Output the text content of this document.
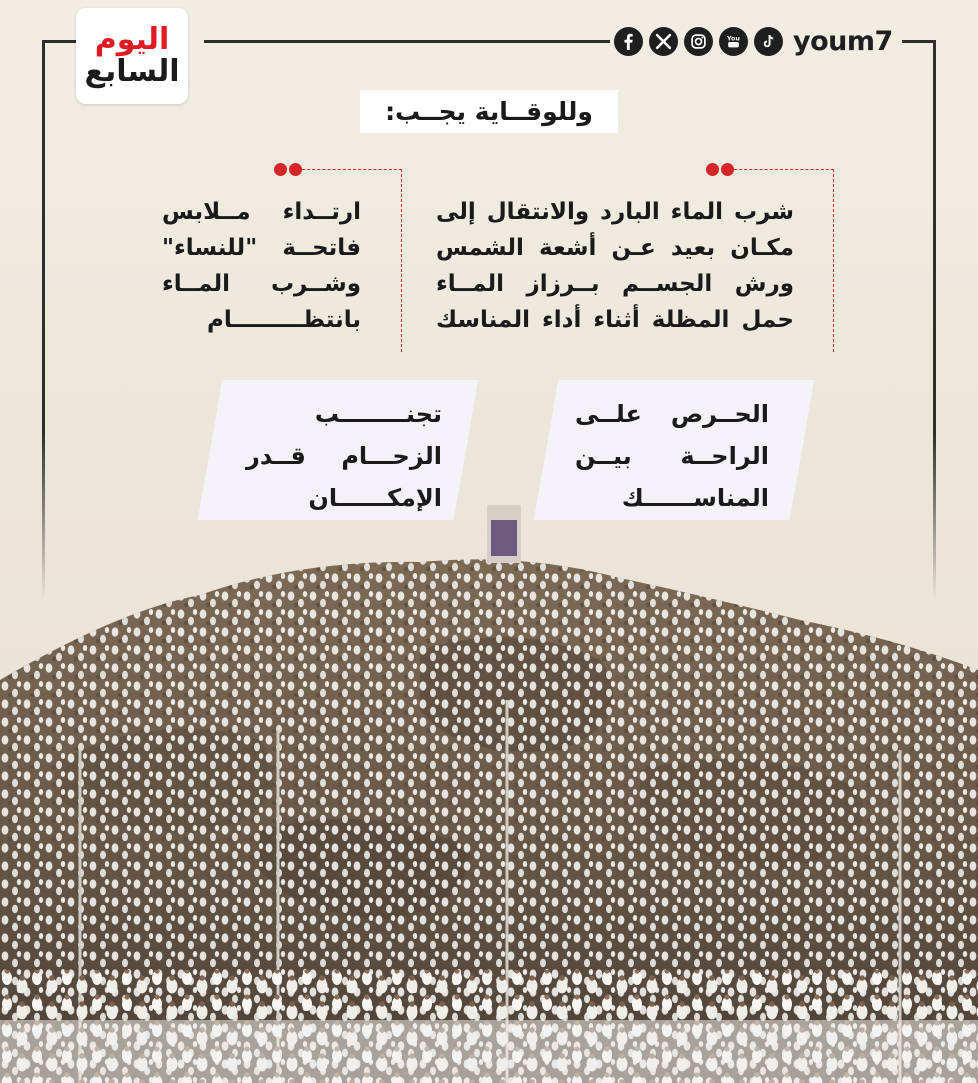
اليوم
السابع
You youm7
وللوقــاية يجــب:
شرب الماء البارد والانتقال إلى
مكـان بعيد عـن أشعة الشمس
ورش الجســم بــرزاز المــاء
حمل المظلة أثناء أداء المناسك
ارتــداء مــلابس
فاتحــة "للنساء"
وشــرب المــاء
بانتظـــــــــام
الحــرص علــى
الراحــة بيــن
المناســــــك
تجنــــــــب
الزحـــام قــدر
الإمكــــــان
